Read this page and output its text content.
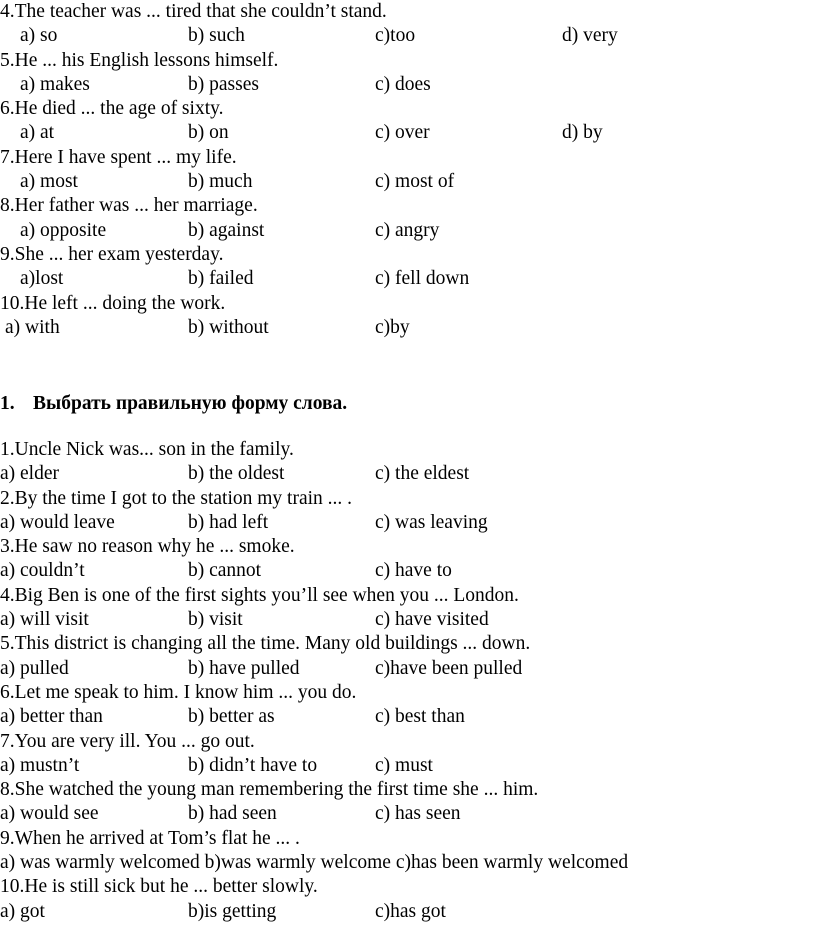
4.The teacher was ... tired that she couldn’t stand.
a) so	b) such	c)too	d) very
5.He ... his English lessons himself.
a) makes	b) passes	c) does
6.He died ... the age of sixty.
a) at	b) on	c) over	d) by
7.Here I have spent ... my life.
a) most	b) much	c) most of
8.Her father was ... her marriage.
a) opposite	b) against	c) angry
9.She ... her exam yesterday.
a)lost	b) failed	c) fell down
10.He left ... doing the work.
a) with	b) without	c)by
1. Выбрать правильную форму слова.
1.Uncle Nick was... son in the family.
a) elder	b) the oldest	c) the eldest
2.By the time I got to the station my train ... .
a) would leave	b) had left	c) was leaving
3.He saw no reason why he ... smoke.
a) couldn’t	b) cannot	c) have to
4.Big Ben is one of the first sights you’ll see when you ... London.
a) will visit	b) visit	c) have visited
5.This district is changing all the time. Many old buildings ... down.
a) pulled	b) have pulled	c)have been pulled
6.Let me speak to him. I know him ... you do.
a) better than	b) better as	c) best than
7.You are very ill. You ... go out.
a) mustn’t	b) didn’t have to	c) must
8.She watched the young man remembering the first time she ... him.
a) would see	b) had seen	c) has seen
9.When he arrived at Tom’s flat he ... .
a) was warmly welcomed b)was warmly welcome c)has been warmly welcomed
10.He is still sick but he ... better slowly.
a) got	b)is getting	c)has got
